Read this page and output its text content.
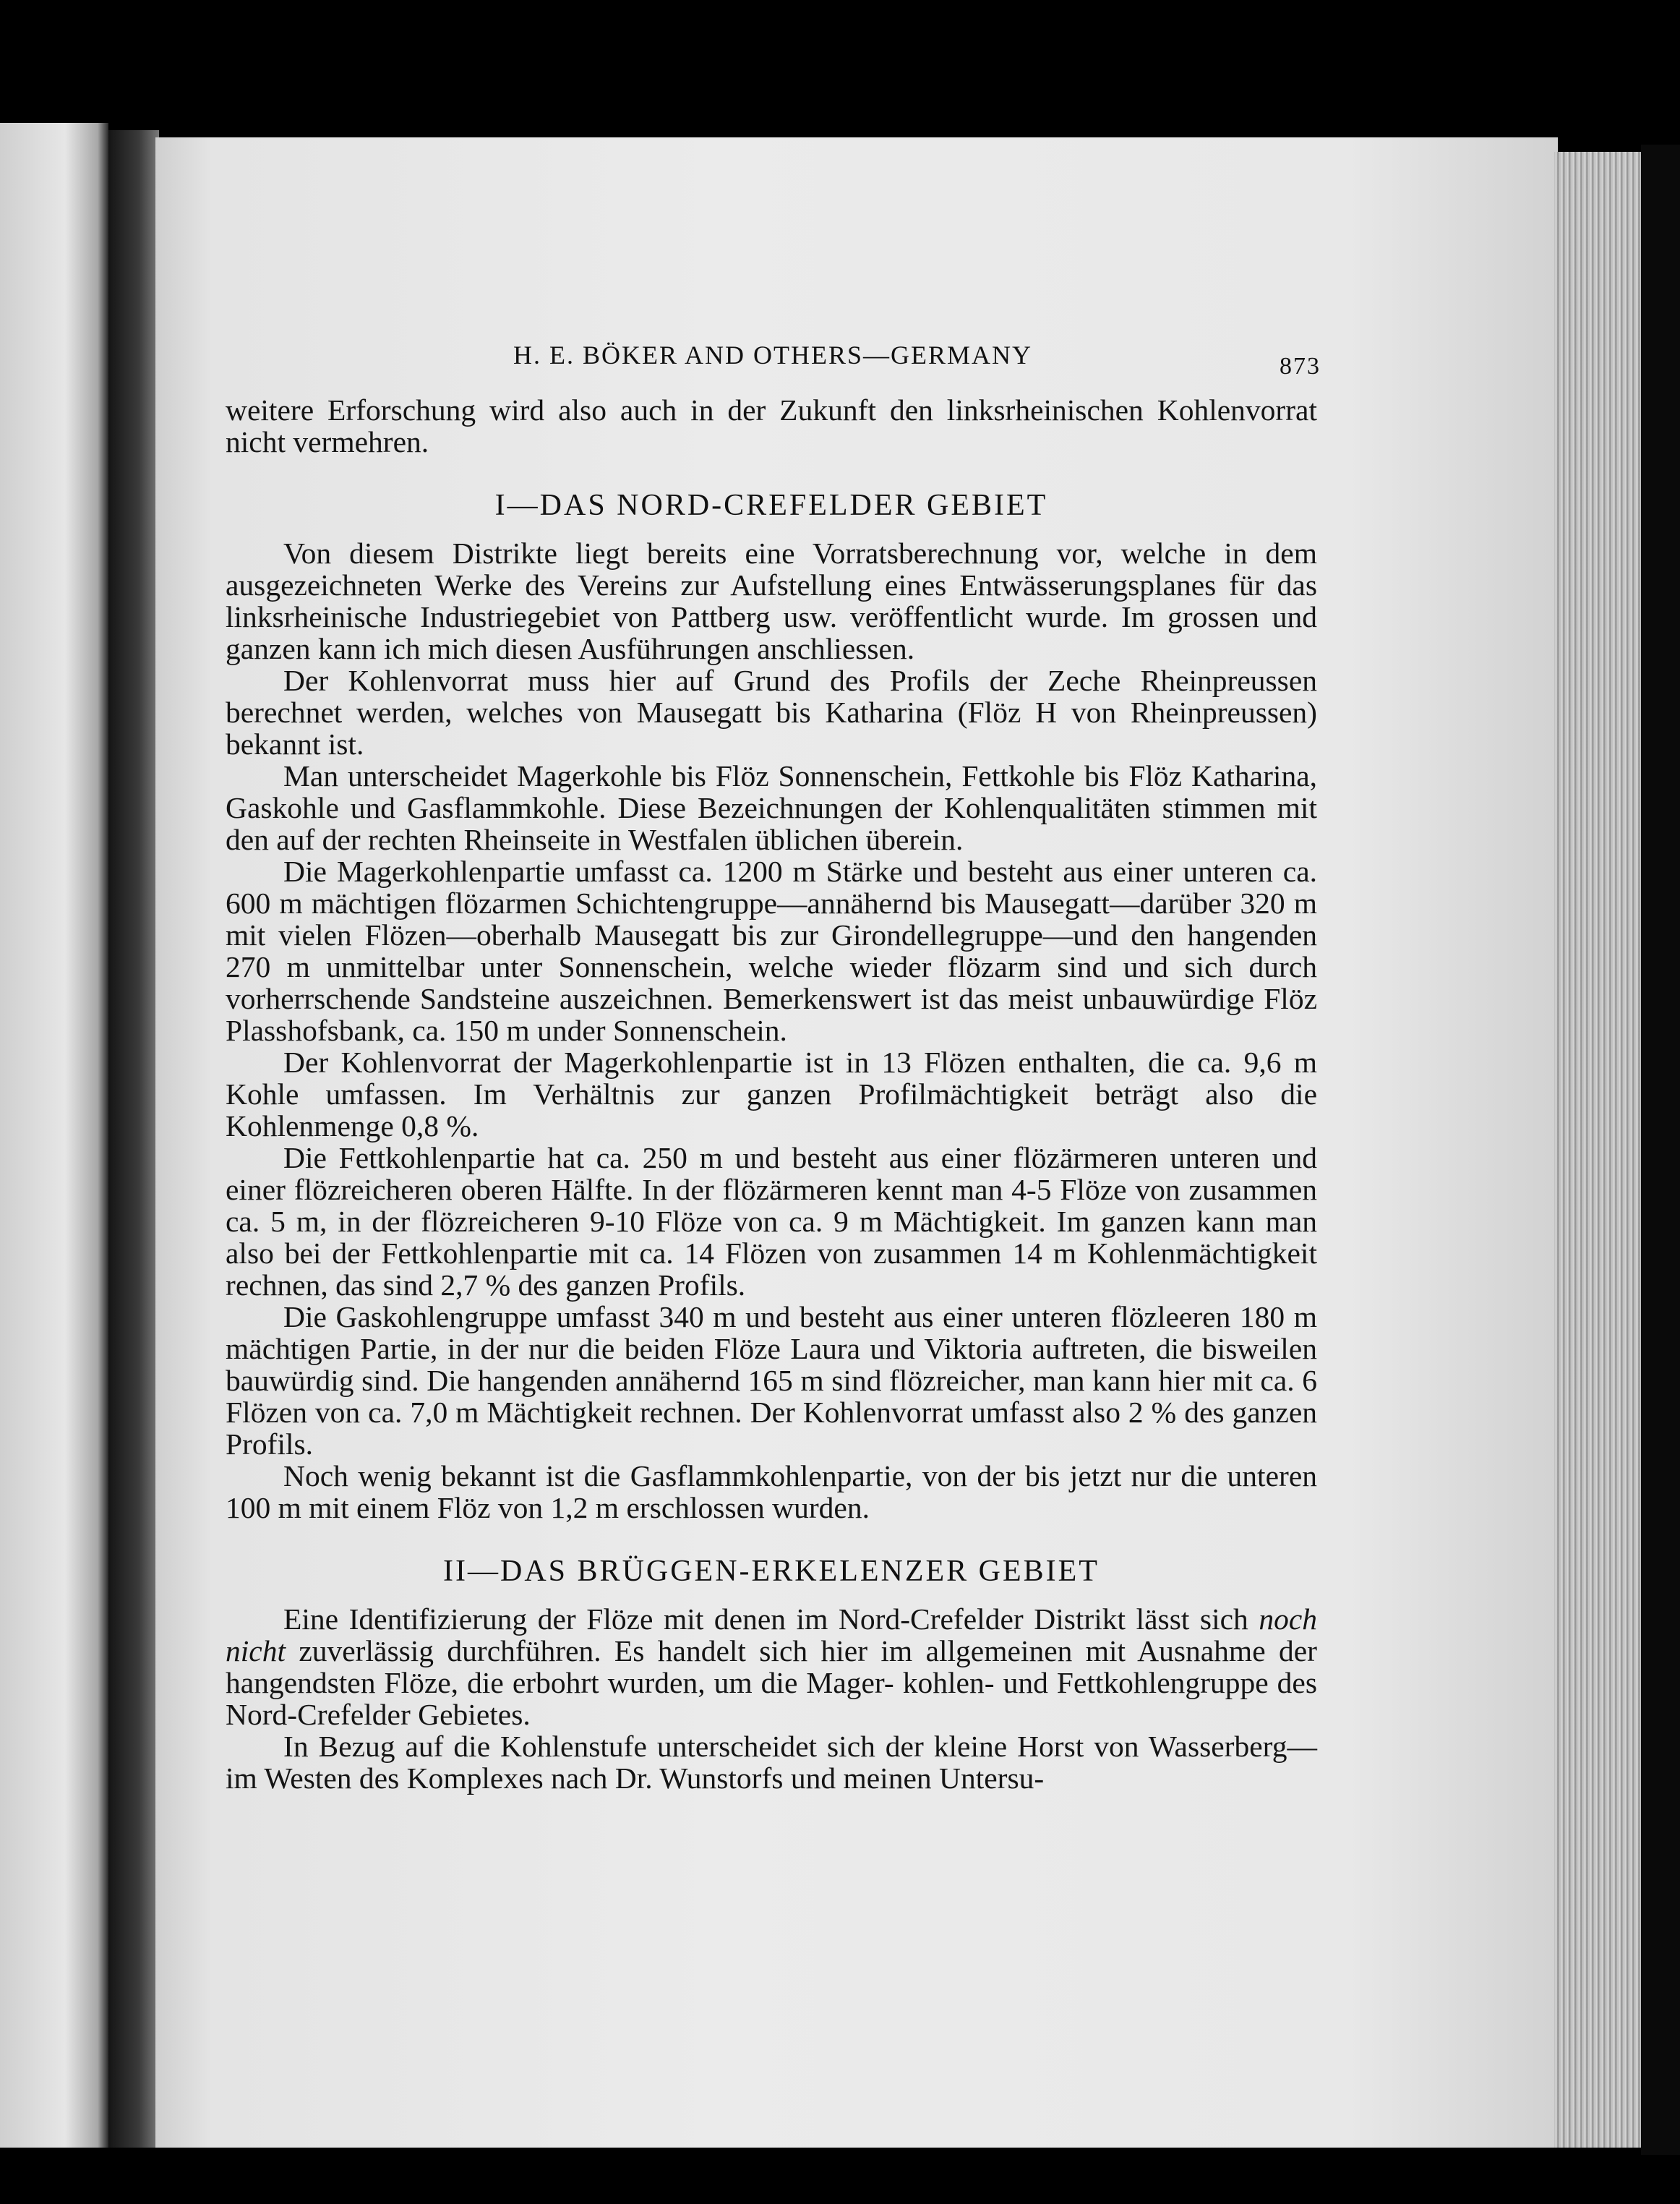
H. E. BÖKER AND OTHERS—GERMANY	873

weitere Erforschung wird also auch in der Zukunft den linksrheinischen Kohlenvorrat nicht vermehren.

I—DAS NORD-CREFELDER GEBIET

Von diesem Distrikte liegt bereits eine Vorratsberechnung vor, welche in dem ausgezeichneten Werke des Vereins zur Aufstellung eines Entwässerungsplanes für das linksrheinische Industriegebiet von Pattberg usw. veröffentlicht wurde. Im grossen und ganzen kann ich mich diesen Ausführungen anschliessen.

Der Kohlenvorrat muss hier auf Grund des Profils der Zeche Rheinpreussen berechnet werden, welches von Mausegatt bis Katharina (Flöz H von Rheinpreussen) bekannt ist.

Man unterscheidet Magerkohle bis Flöz Sonnenschein, Fettkohle bis Flöz Katharina, Gaskohle und Gasflammkohle. Diese Bezeichnungen der Kohlenqualitäten stimmen mit den auf der rechten Rheinseite in Westfalen üblichen überein.

Die Magerkohlenpartie umfasst ca. 1200 m Stärke und besteht aus einer unteren ca. 600 m mächtigen flözarmen Schichtengruppe—annähernd bis Mausegatt—darüber 320 m mit vielen Flözen—oberhalb Mausegatt bis zur Girondellegruppe—und den hangenden 270 m unmittelbar unter Sonnenschein, welche wieder flözarm sind und sich durch vorherrschende Sandsteine auszeichnen. Bemerkenswert ist das meist unbauwürdige Flöz Plasshofsbank, ca. 150 m under Sonnenschein.

Der Kohlenvorrat der Magerkohlenpartie ist in 13 Flözen enthalten, die ca. 9,6 m Kohle umfassen. Im Verhältnis zur ganzen Profilmächtigkeit beträgt also die Kohlenmenge 0,8 %.

Die Fettkohlenpartie hat ca. 250 m und besteht aus einer flözärmeren unteren und einer flözreicheren oberen Hälfte. In der flözärmeren kennt man 4-5 Flöze von zusammen ca. 5 m, in der flözreicheren 9-10 Flöze von ca. 9 m Mächtigkeit. Im ganzen kann man also bei der Fettkohlenpartie mit ca. 14 Flözen von zusammen 14 m Kohlenmächtigkeit rechnen, das sind 2,7 % des ganzen Profils.

Die Gaskohlengruppe umfasst 340 m und besteht aus einer unteren flözleeren 180 m mächtigen Partie, in der nur die beiden Flöze Laura und Viktoria auftreten, die bisweilen bauwürdig sind. Die hangenden annähernd 165 m sind flözreicher, man kann hier mit ca. 6 Flözen von ca. 7,0 m Mächtigkeit rechnen. Der Kohlenvorrat umfasst also 2 % des ganzen Profils.

Noch wenig bekannt ist die Gasflammkohlenpartie, von der bis jetzt nur die unteren 100 m mit einem Flöz von 1,2 m erschlossen wurden.

II—DAS BRÜGGEN-ERKELENZER GEBIET

Eine Identifizierung der Flöze mit denen im Nord-Crefelder Distrikt lässt sich noch nicht zuverlässig durchführen. Es handelt sich hier im allgemeinen mit Ausnahme der hangendsten Flöze, die erbohrt wurden, um die Mager- kohlen- und Fettkohlengruppe des Nord-Crefelder Gebietes.

In Bezug auf die Kohlenstufe unterscheidet sich der kleine Horst von Wasserberg—im Westen des Komplexes nach Dr. Wunstorfs und meinen Untersu-
